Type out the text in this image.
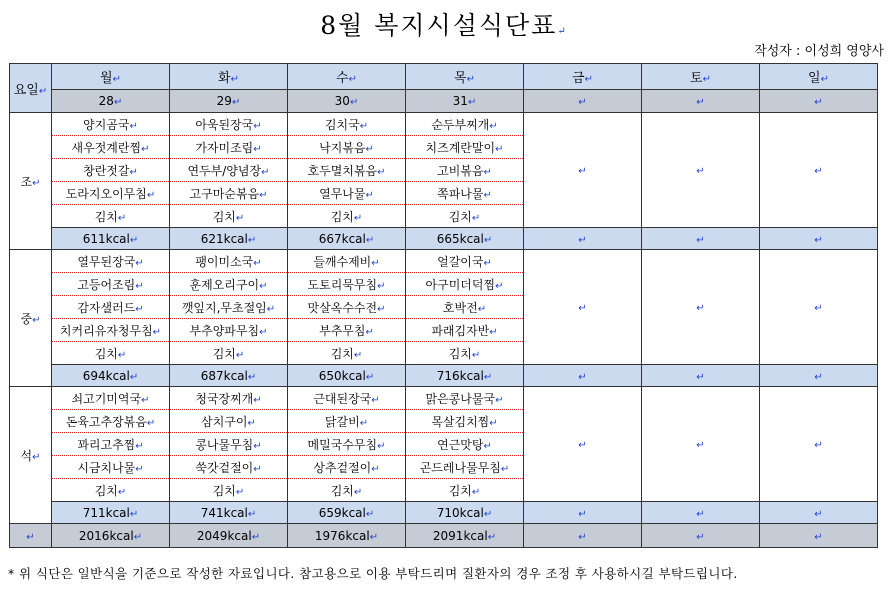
8월 복지시설식단표↵
작성자 : 이성희 영양사
요일↵	월↵	화↵	수↵	목↵	금↵	토↵	일↵
	28↵	29↵	30↵	31↵	↵	↵	↵
조↵	양지곰국↵	아욱된장국↵	김치국↵	순두부찌개↵	↵	↵	↵
	새우젓계란찜↵	가자미조림↵	낙지볶음↵	치즈계란말이↵			
	창란젓갈↵	연두부/양념장↵	호두멸치볶음↵	고비볶음↵			
	도라지오이무침↵	고구마순볶음↵	열무나물↵	쪽파나물↵			
	김치↵	김치↵	김치↵	김치↵			
	611kcal↵	621kcal↵	667kcal↵	665kcal↵	↵	↵	↵
중↵	열무된장국↵	팽이미소국↵	들깨수제비↵	얼갈이국↵	↵	↵	↵
	고등어조림↵	훈제오리구이↵	도토리묵무침↵	아구미더덕찜↵			
	감자샐러드↵	깻잎지,무초절임↵	맛살옥수수전↵	호박전↵			
	치커리유자청무침↵	부추양파무침↵	부추무침↵	파래김자반↵			
	김치↵	김치↵	김치↵	김치↵			
	694kcal↵	687kcal↵	650kcal↵	716kcal↵	↵	↵	↵
석↵	쇠고기미역국↵	청국장찌개↵	근대된장국↵	맑은콩나물국↵	↵	↵	↵
	돈육고추장볶음↵	삼치구이↵	닭갈비↵	목살김치찜↵			
	꽈리고추찜↵	콩나물무침↵	메밀국수무침↵	연근맛탕↵			
	시금치나물↵	쑥갓겉절이↵	상추겉절이↵	곤드레나물무침↵			
	김치↵	김치↵	김치↵	김치↵			
	711kcal↵	741kcal↵	659kcal↵	710kcal↵	↵	↵	↵
↵	2016kcal↵	2049kcal↵	1976kcal↵	2091kcal↵	↵	↵	↵
* 위 식단은 일반식을 기준으로 작성한 자료입니다. 참고용으로 이용 부탁드리며 질환자의 경우 조정 후 사용하시길 부탁드립니다.
